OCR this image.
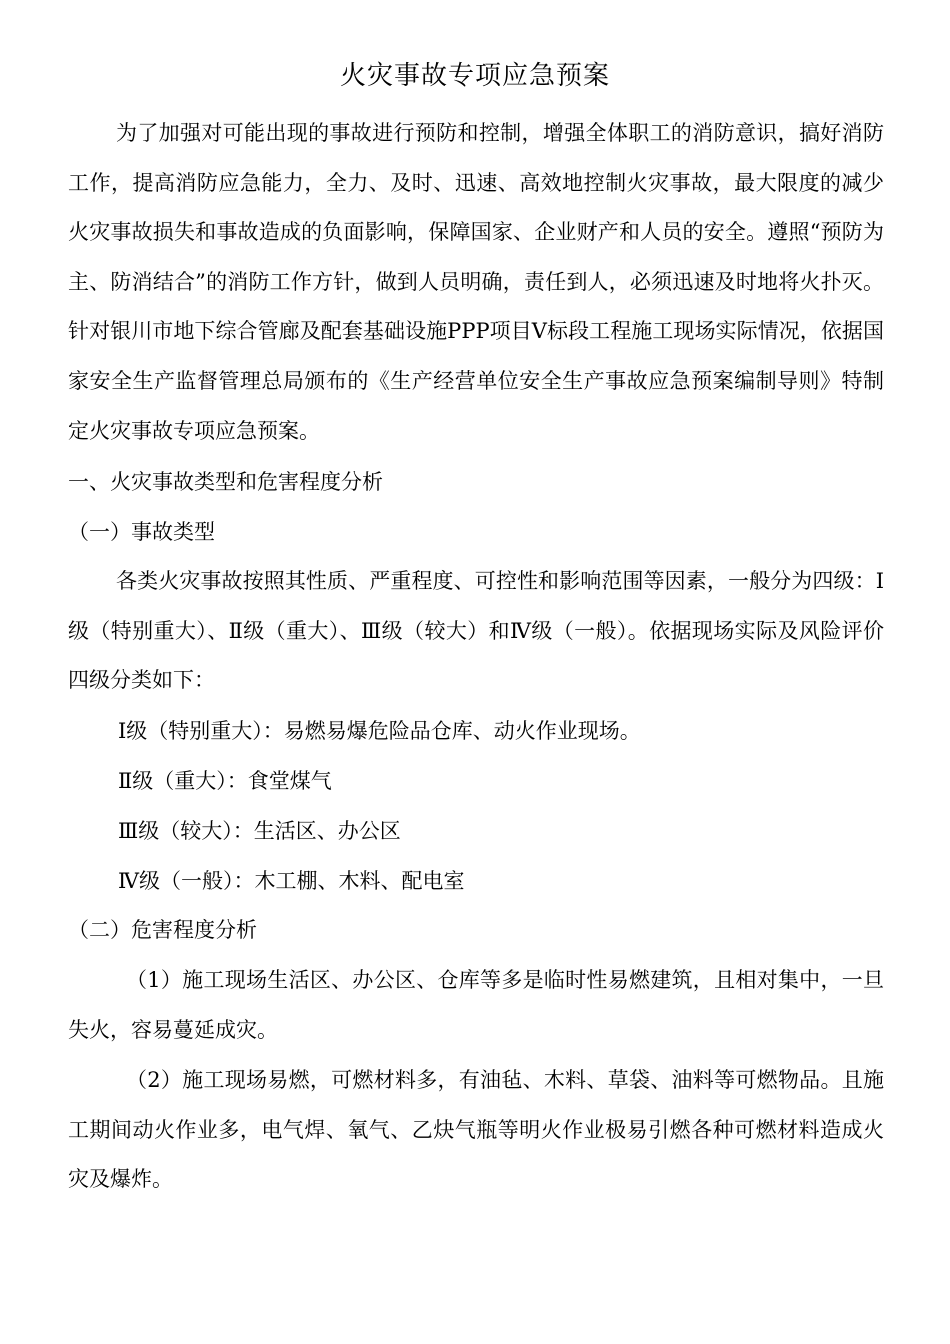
火灾事故专项应急预案

为了加强对可能出现的事故进行预防和控制，增强全体职工的消防意识，搞好消防工作，提高消防应急能力，全力、及时、迅速、高效地控制火灾事故，最大限度的减少火灾事故损失和事故造成的负面影响，保障国家、企业财产和人员的安全。遵照“预防为主、防消结合”的消防工作方针，做到人员明确，责任到人，必须迅速及时地将火扑灭。针对银川市地下综合管廊及配套基础设施PPP项目Ⅴ标段工程施工现场实际情况，依据国家安全生产监督管理总局颁布的《生产经营单位安全生产事故应急预案编制导则》特制定火灾事故专项应急预案。

一、火灾事故类型和危害程度分析
（一）事故类型

各类火灾事故按照其性质、严重程度、可控性和影响范围等因素，一般分为四级：Ⅰ级（特别重大）、Ⅱ级（重大）、Ⅲ级（较大）和Ⅳ级（一般）。依据现场实际及风险评价四级分类如下：

Ⅰ级（特别重大）：易燃易爆危险品仓库、动火作业现场。
Ⅱ级（重大）：食堂煤气
Ⅲ级（较大）：生活区、办公区
Ⅳ级（一般）：木工棚、木料、配电室
（二）危害程度分析

（1）施工现场生活区、办公区、仓库等多是临时性易燃建筑，且相对集中，一旦失火，容易蔓延成灾。

（2）施工现场易燃，可燃材料多，有油毡、木料、草袋、油料等可燃物品。且施工期间动火作业多，电气焊、氧气、乙炔气瓶等明火作业极易引燃各种可燃材料造成火灾及爆炸。
